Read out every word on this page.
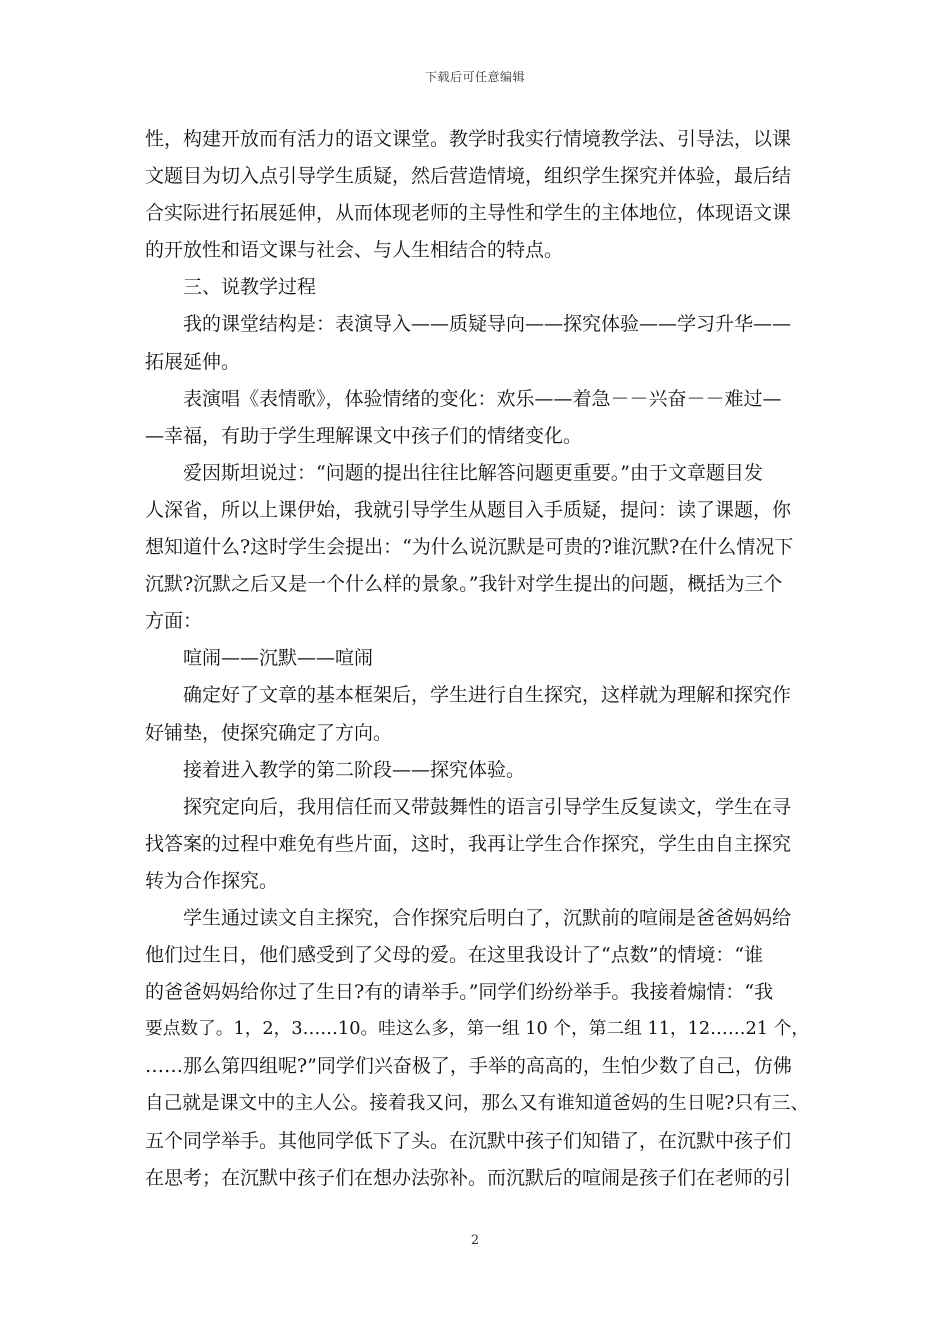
下载后可任意编辑
性，构建开放而有活力的语文课堂。教学时我实行情境教学法、引导法，以课
文题目为切入点引导学生质疑，然后营造情境，组织学生探究并体验，最后结
合实际进行拓展延伸，从而体现老师的主导性和学生的主体地位，体现语文课
的开放性和语文课与社会、与人生相结合的特点。
三、说教学过程
我的课堂结构是：表演导入——质疑导向——探究体验——学习升华——
拓展延伸。
表演唱《表情歌》，体验情绪的变化：欢乐——着急－－兴奋－－难过—
—幸福，有助于学生理解课文中孩子们的情绪变化。
爱因斯坦说过：“问题的提出往往比解答问题更重要。”由于文章题目发
人深省，所以上课伊始，我就引导学生从题目入手质疑，提问：读了课题，你
想知道什么?这时学生会提出：“为什么说沉默是可贵的?谁沉默?在什么情况下
沉默?沉默之后又是一个什么样的景象。”我针对学生提出的问题，概括为三个
方面：
喧闹——沉默——喧闹
确定好了文章的基本框架后，学生进行自生探究，这样就为理解和探究作
好铺垫，使探究确定了方向。
接着进入教学的第二阶段——探究体验。
探究定向后，我用信任而又带鼓舞性的语言引导学生反复读文，学生在寻
找答案的过程中难免有些片面，这时，我再让学生合作探究，学生由自主探究
转为合作探究。
学生通过读文自主探究，合作探究后明白了，沉默前的喧闹是爸爸妈妈给
他们过生日，他们感受到了父母的爱。在这里我设计了“点数”的情境：“谁
的爸爸妈妈给你过了生日?有的请举手。”同学们纷纷举手。我接着煽情：“我
要点数了。1，2，3……10。哇这么多，第一组 10 个，第二组 11，12……21 个，
……那么第四组呢?”同学们兴奋极了，手举的高高的，生怕少数了自己，仿佛
自己就是课文中的主人公。接着我又问，那么又有谁知道爸妈的生日呢?只有三、
五个同学举手。其他同学低下了头。在沉默中孩子们知错了，在沉默中孩子们
在思考；在沉默中孩子们在想办法弥补。而沉默后的喧闹是孩子们在老师的引
2
